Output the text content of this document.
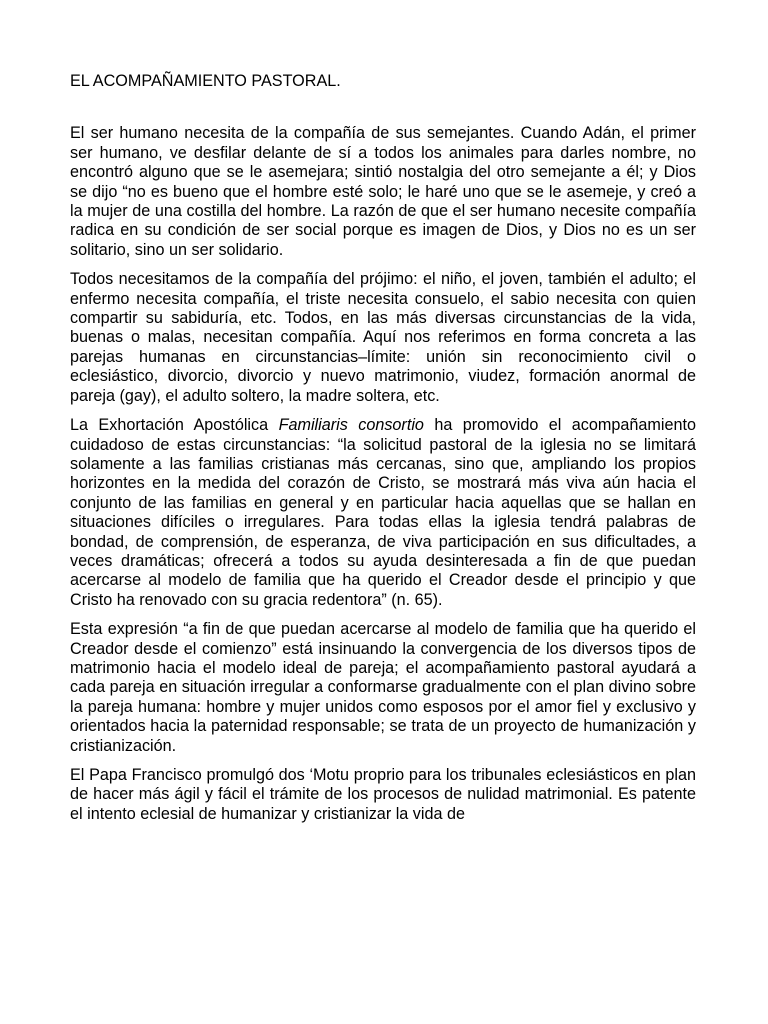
EL ACOMPAÑAMIENTO PASTORAL.

El ser humano necesita de la compañía de sus semejantes. Cuando Adán, el primer ser humano, ve desfilar delante de sí a todos los animales para darles nombre, no encontró alguno que se le asemejara; sintió nostalgia del otro semejante a él; y Dios se dijo “no es bueno que el hombre esté solo; le haré uno que se le asemeje, y creó a la mujer de una costilla del hombre. La razón de que el ser humano necesite compañía radica en su condición de ser social porque es imagen de Dios, y Dios no es un ser solitario, sino un ser solidario.

Todos necesitamos de la compañía del prójimo: el niño, el joven, también el adulto; el enfermo necesita compañía, el triste necesita consuelo, el sabio necesita con quien compartir su sabiduría, etc. Todos, en las más diversas circunstancias de la vida, buenas o malas, necesitan compañía. Aquí nos referimos en forma concreta a las parejas humanas en circunstancias–límite: unión sin reconocimiento civil o eclesiástico, divorcio, divorcio y nuevo matrimonio, viudez, formación anormal de pareja (gay), el adulto soltero, la madre soltera, etc.

La Exhortación Apostólica Familiaris consortio ha promovido el acompañamiento cuidadoso de estas circunstancias: “la solicitud pastoral de la iglesia no se limitará solamente a las familias cristianas más cercanas, sino que, ampliando los propios horizontes en la medida del corazón de Cristo, se mostrará más viva aún hacia el conjunto de las familias en general y en particular hacia aquellas que se hallan en situaciones difíciles o irregulares. Para todas ellas la iglesia tendrá palabras de bondad, de comprensión, de esperanza, de viva participación en sus dificultades, a veces dramáticas; ofrecerá a todos su ayuda desinteresada a fin de que puedan acercarse al modelo de familia que ha querido el Creador desde el principio y que Cristo ha renovado con su gracia redentora” (n. 65).

Esta expresión “a fin de que puedan acercarse al modelo de familia que ha querido el Creador desde el comienzo” está insinuando la convergencia de los diversos tipos de matrimonio hacia el modelo ideal de pareja; el acompañamiento pastoral ayudará a cada pareja en situación irregular a conformarse gradualmente con el plan divino sobre la pareja humana: hombre y mujer unidos como esposos por el amor fiel y exclusivo y orientados hacia la paternidad responsable; se trata de un proyecto de humanización y cristianización.

El Papa Francisco promulgó dos ‘Motu proprio para los tribunales eclesiásticos en plan de hacer más ágil y fácil el trámite de los procesos de nulidad matrimonial. Es patente el intento eclesial de humanizar y cristianizar la vida de
